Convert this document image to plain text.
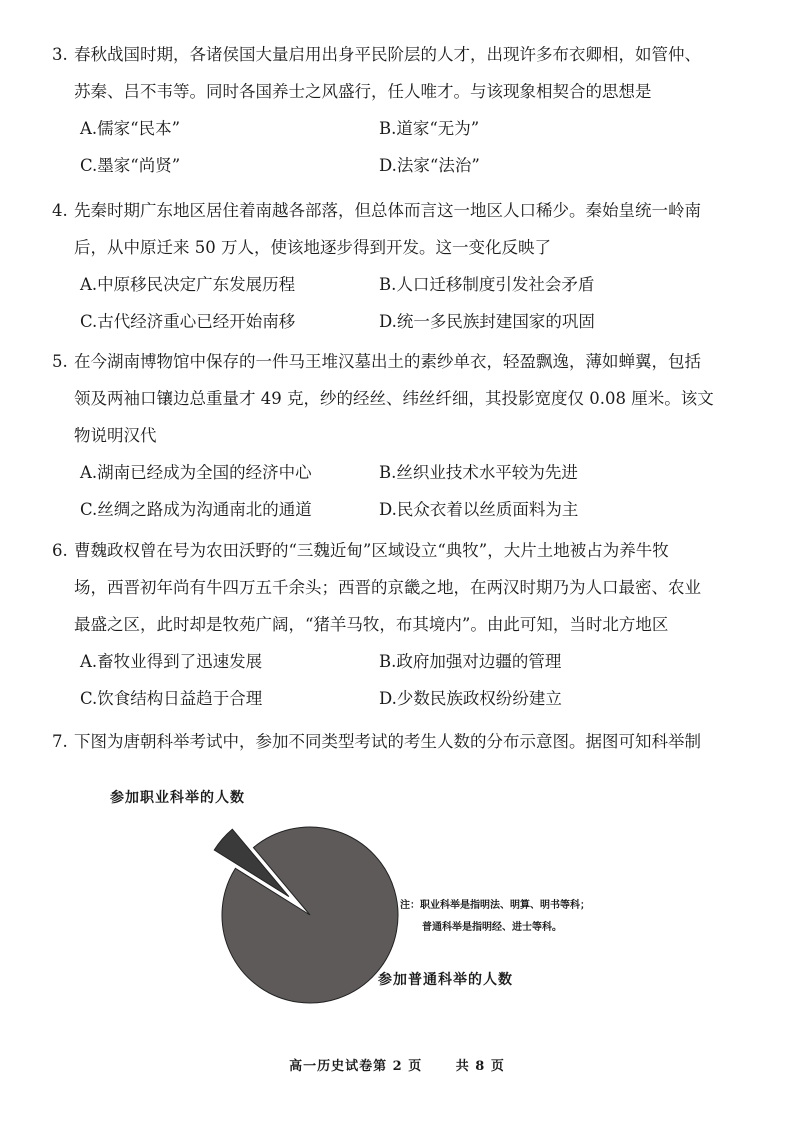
3. 春秋战国时期，各诸侯国大量启用出身平民阶层的人才，出现许多布衣卿相，如管仲、

苏秦、吕不韦等。同时各国养士之风盛行，任人唯才。与该现象相契合的思想是

A.儒家“民本”	B.道家“无为”
C.墨家“尚贤”	D.法家“法治”

4. 先秦时期广东地区居住着南越各部落，但总体而言这一地区人口稀少。秦始皇统一岭南

后，从中原迁来 50 万人，使该地逐步得到开发。这一变化反映了

A.中原移民决定广东发展历程	B.人口迁移制度引发社会矛盾
C.古代经济重心已经开始南移	D.统一多民族封建国家的巩固

5. 在今湖南博物馆中保存的一件马王堆汉墓出土的素纱单衣，轻盈飘逸，薄如蝉翼，包括

领及两袖口镶边总重量才 49 克，纱的经丝、纬丝纤细，其投影宽度仅 0.08 厘米。该文

物说明汉代

A.湖南已经成为全国的经济中心	B.丝织业技术水平较为先进
C.丝绸之路成为沟通南北的通道	D.民众衣着以丝质面料为主

6. 曹魏政权曾在号为农田沃野的“三魏近甸”区域设立“典牧”，大片土地被占为养牛牧

场，西晋初年尚有牛四万五千余头；西晋的京畿之地，在两汉时期乃为人口最密、农业

最盛之区，此时却是牧苑广阔，“猪羊马牧，布其境内”。由此可知，当时北方地区

A.畜牧业得到了迅速发展	B.政府加强对边疆的管理
C.饮食结构日益趋于合理	D.少数民族政权纷纷建立

7. 下图为唐朝科举考试中，参加不同类型考试的考生人数的分布示意图。据图可知科举制

参加职业科举的人数
参加普通科举的人数
注：职业科举是指明法、明算、明书等科；
普通科举是指明经、进士等科。
高一历史试卷第 2 页	共 8 页
